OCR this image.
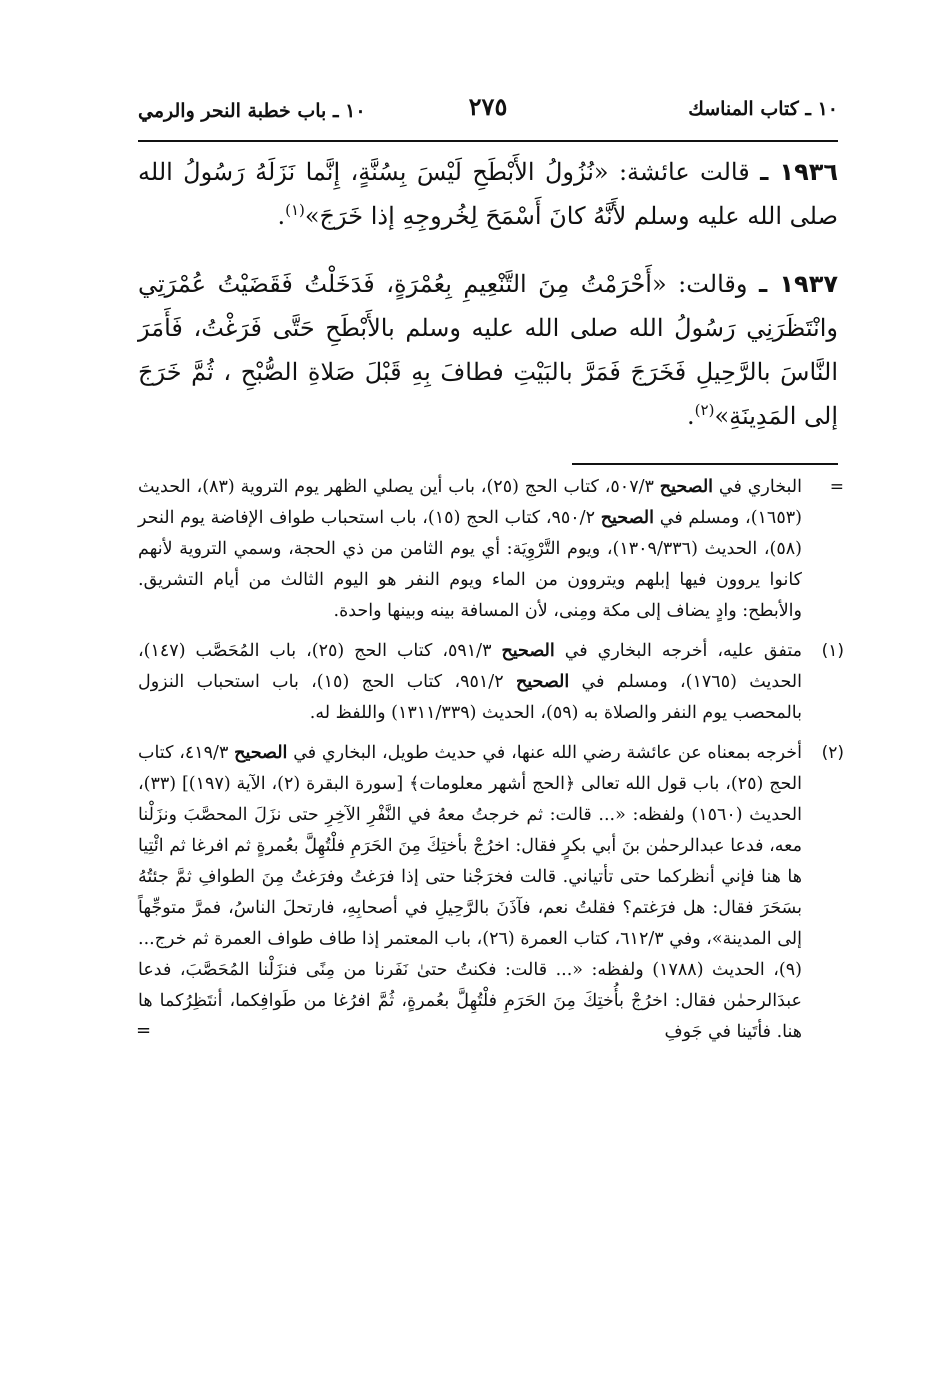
١٠ ـ كتاب المناسك
٢٧٥
١٠ ـ باب خطبة النحر والرمي

١٩٣٦ ـ قالت عائشة: «نُزُولُ الأَبْطَحِ لَيْسَ بِسُنَّةٍ، إِنَّما نَزَلَهُ رَسُولُ الله صلى الله عليه وسلم لأَنَّهُ كانَ أَسْمَحَ لِخُروجِهِ إذا خَرَجَ»$^{(١)}$.

١٩٣٧ ـ وقالت: «أَحْرَمْتُ مِنَ التَّنْعِيمِ بِعُمْرَةٍ، فَدَخَلْتُ فَقَضَيْتُ عُمْرَتِي وانْتَظَرَنِي رَسُولُ الله صلى الله عليه وسلم بالأَبْطَحِ حَتَّى فَرَغْتُ، فَأَمَرَ النَّاسَ بالرَّحِيلِ فَخَرَجَ فَمَرَّ بالبَيْتِ فطافَ بِهِ قَبْلَ صَلاةِ الصُّبْحِ ، ثُمَّ خَرَجَ إلى المَدِينَةِ»$^{(٢)}$.

=
البخاري في الصحيح ٥٠٧/٣، كتاب الحج (٢٥)، باب أين يصلي الظهر يوم التروية (٨٣)، الحديث (١٦٥٣)، ومسلم في الصحيح ٩٥٠/٢، كتاب الحج (١٥)، باب استحباب طواف الإفاضة يوم النحر (٥٨)، الحديث (١٣٠٩/٣٣٦)، ويوم التَّرْوِيَة: أي يوم الثامن من ذي الحجة، وسمي التروية لأنهم كانوا يروون فيها إبلهم ويتروون من الماء ويوم النفر هو اليوم الثالث من أيام التشريق. والأبطح: وادٍ يضاف إلى مكة ومِنى، لأن المسافة بينه وبينها واحدة.
(١)
متفق عليه، أخرجه البخاري في الصحيح ٥٩١/٣، كتاب الحج (٢٥)، باب المُحَصَّب (١٤٧)، الحديث (١٧٦٥)، ومسلم في الصحيح ٩٥١/٢، كتاب الحج (١٥)، باب استحباب النزول بالمحصب يوم النفر والصلاة به (٥٩)، الحديث (١٣١١/٣٣٩) واللفظ له.
(٢)
أخرجه بمعناه عن عائشة رضي الله عنها، في حديث طويل، البخاري في الصحيح ٤١٩/٣، كتاب الحج (٢٥)، باب قول الله تعالى ﴿الحج أشهر معلومات﴾ [سورة البقرة (٢)، الآية (١٩٧)] (٣٣)، الحديث (١٥٦٠) ولفظه: «... قالت: ثم خرجتُ معهُ في النَّفْرِ الآخِرِ حتى نزَلَ المحصَّبَ ونزَلْنا معه، فدعا عبدالرحمٰن بنَ أبي بكرٍ فقال: اخرُجْ بأختِكَ مِنَ الحَرَمِ فلْتُهِلَّ بعُمرةٍ ثم افرغا ثم ائْتِيا ها هنا فإني أنظركما حتى تأتياني. قالت فخرَجْنا حتى إذا فرَغتُ وفرَغتُ مِنَ الطوافِ ثمَّ جئتُهُ بسَحَرَ فقال: هل فرَغتم؟ فقلتُ نعم، فآذَنَ بالرَّحِيلِ في أصحابِهِ، فارتحلَ الناسُ، فمرَّ متوجِّهاً إلى المدينة»، وفي ٦١٢/٣، كتاب العمرة (٢٦)، باب المعتمر إذا طاف طواف العمرة ثم خرج... (٩)، الحديث (١٧٨٨) ولفظه: «... قالت: فكنتُ حتىٰ نَفَرنا من مِنًى فنزَلْنا المُحَصَّبَ، فدعا عبدَالرحمٰن فقال: اخرُجْ بأُختِكَ مِنَ الحَرَمِ فلْتُهِلَّ بعُمرةٍ، ثُمَّ افرُغا من طَوافِكما، أنتَظِرُكما ها هنا. فأتَينا في جَوفِ
=
